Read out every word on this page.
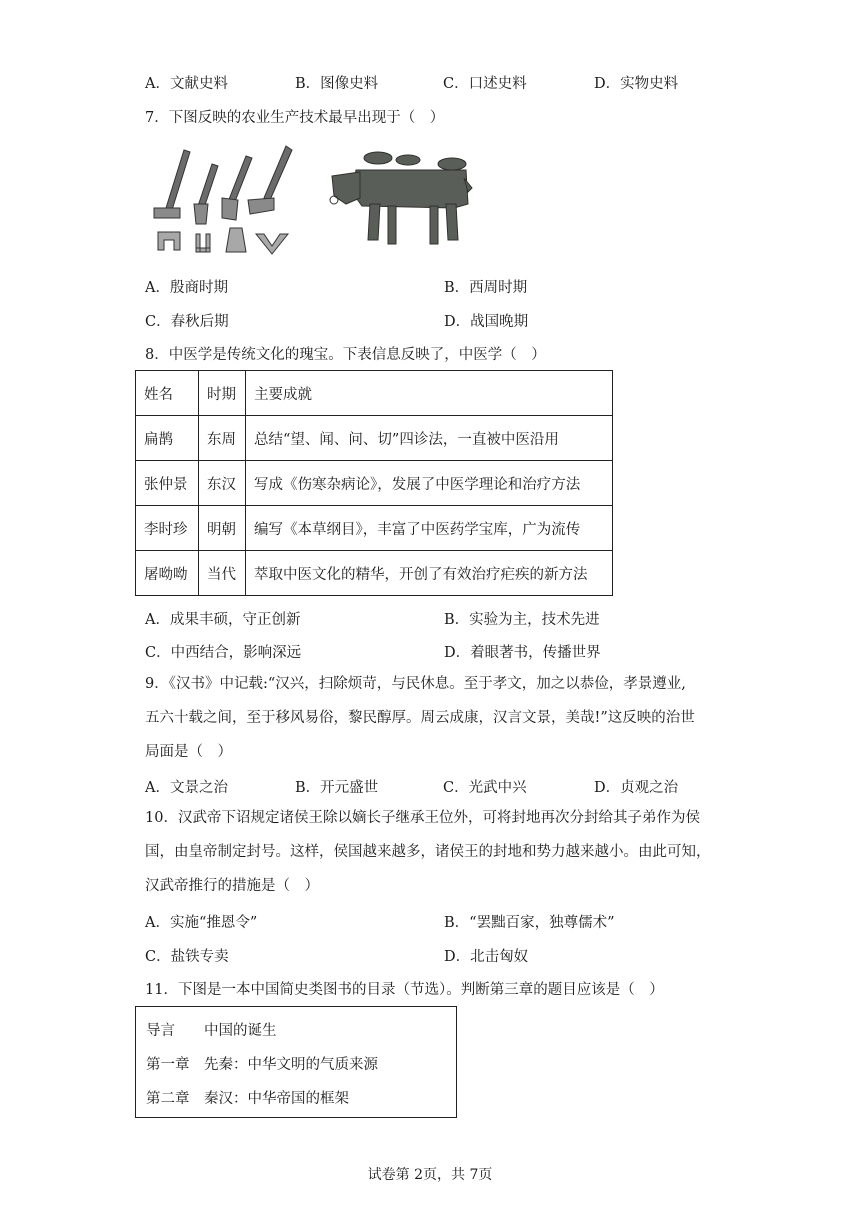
A．文献史料	B．图像史料	C．口述史料	D．实物史料
7．下图反映的农业生产技术最早出现于（　）
A．殷商时期	B．西周时期
C．春秋后期	D．战国晚期
8．中医学是传统文化的瑰宝。下表信息反映了，中医学（　）
姓名	时期	主要成就
扁鹊	东周	总结“望、闻、问、切”四诊法，一直被中医沿用
张仲景	东汉	写成《伤寒杂病论》，发展了中医学理论和治疗方法
李时珍	明朝	编写《本草纲目》，丰富了中医药学宝库，广为流传
屠呦呦	当代	萃取中医文化的精华，开创了有效治疗疟疾的新方法
A．成果丰硕，守正创新	B．实验为主，技术先进
C．中西结合，影响深远	D．着眼著书，传播世界
9．《汉书》中记载:“汉兴，扫除烦苛，与民休息。至于孝文，加之以恭俭，孝景遵业,
五六十载之间，至于移风易俗，黎民醇厚。周云成康，汉言文景，美哉!”这反映的治世
局面是（　）
A．文景之治	B．开元盛世	C．光武中兴	D．贞观之治
10．汉武帝下诏规定诸侯王除以嫡长子继承王位外，可将封地再次分封给其子弟作为侯
国，由皇帝制定封号。这样，侯国越来越多，诸侯王的封地和势力越来越小。由此可知，
汉武帝推行的措施是（　）
A．实施“推恩令”	B．“罢黜百家，独尊儒术”
C．盐铁专卖	D．北击匈奴
11．下图是一本中国简史类图书的目录（节选）。判断第三章的题目应该是（　）
导言　　中国的诞生
第一章　先秦：中华文明的气质来源
第二章　秦汉：中华帝国的框架
试卷第 2页，共 7页
